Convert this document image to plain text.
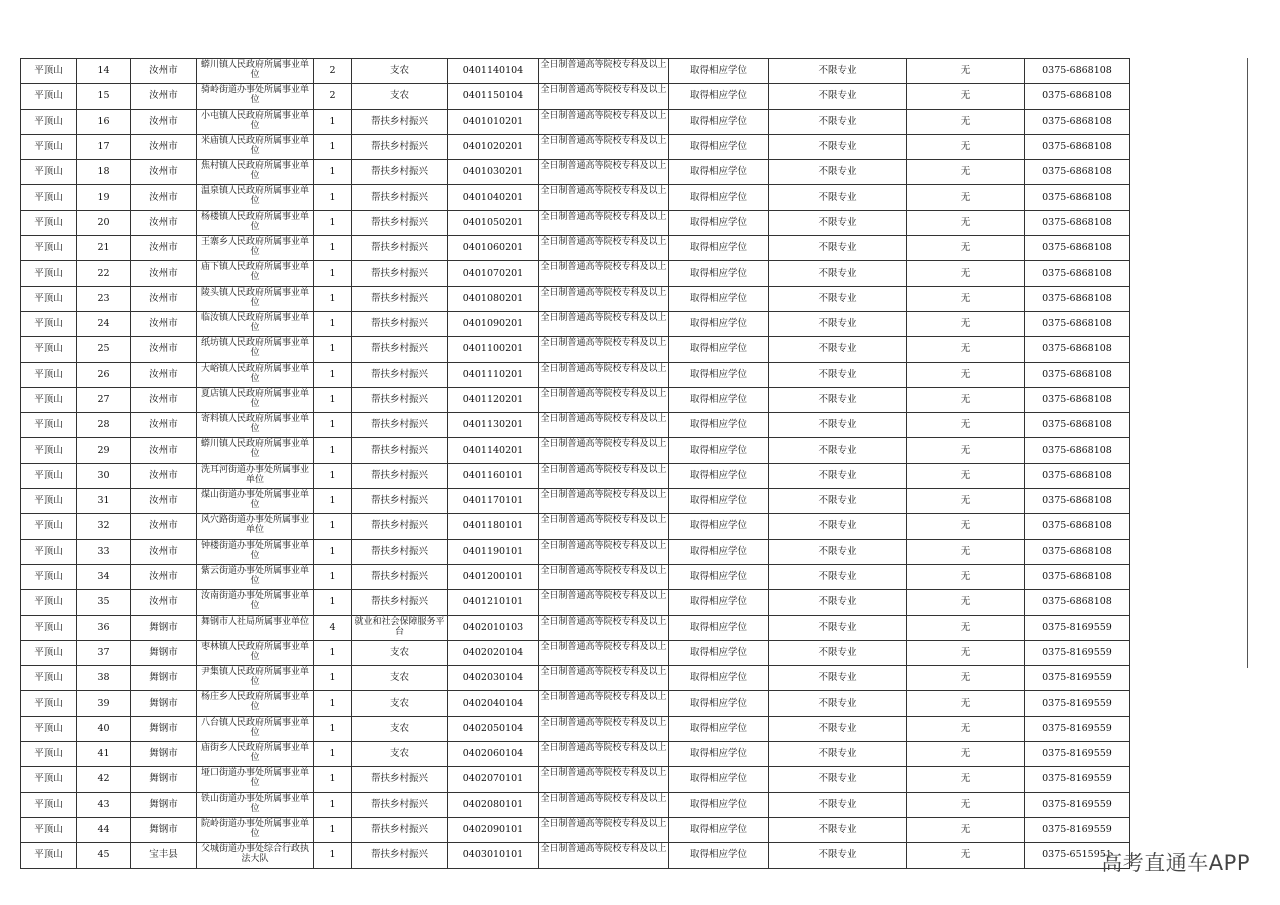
平顶山	14	汝州市	蟒川镇人民政府所属事业单位	2	支农	0401140104	全日制普通高等院校专科及以上	取得相应学位	不限专业	无	0375-6868108
平顶山	15	汝州市	骑岭街道办事处所属事业单位	2	支农	0401150104	全日制普通高等院校专科及以上	取得相应学位	不限专业	无	0375-6868108
平顶山	16	汝州市	小屯镇人民政府所属事业单位	1	帮扶乡村振兴	0401010201	全日制普通高等院校专科及以上	取得相应学位	不限专业	无	0375-6868108
平顶山	17	汝州市	米庙镇人民政府所属事业单位	1	帮扶乡村振兴	0401020201	全日制普通高等院校专科及以上	取得相应学位	不限专业	无	0375-6868108
平顶山	18	汝州市	焦村镇人民政府所属事业单位	1	帮扶乡村振兴	0401030201	全日制普通高等院校专科及以上	取得相应学位	不限专业	无	0375-6868108
平顶山	19	汝州市	温泉镇人民政府所属事业单位	1	帮扶乡村振兴	0401040201	全日制普通高等院校专科及以上	取得相应学位	不限专业	无	0375-6868108
平顶山	20	汝州市	杨楼镇人民政府所属事业单位	1	帮扶乡村振兴	0401050201	全日制普通高等院校专科及以上	取得相应学位	不限专业	无	0375-6868108
平顶山	21	汝州市	王寨乡人民政府所属事业单位	1	帮扶乡村振兴	0401060201	全日制普通高等院校专科及以上	取得相应学位	不限专业	无	0375-6868108
平顶山	22	汝州市	庙下镇人民政府所属事业单位	1	帮扶乡村振兴	0401070201	全日制普通高等院校专科及以上	取得相应学位	不限专业	无	0375-6868108
平顶山	23	汝州市	陵头镇人民政府所属事业单位	1	帮扶乡村振兴	0401080201	全日制普通高等院校专科及以上	取得相应学位	不限专业	无	0375-6868108
平顶山	24	汝州市	临汝镇人民政府所属事业单位	1	帮扶乡村振兴	0401090201	全日制普通高等院校专科及以上	取得相应学位	不限专业	无	0375-6868108
平顶山	25	汝州市	纸坊镇人民政府所属事业单位	1	帮扶乡村振兴	0401100201	全日制普通高等院校专科及以上	取得相应学位	不限专业	无	0375-6868108
平顶山	26	汝州市	大峪镇人民政府所属事业单位	1	帮扶乡村振兴	0401110201	全日制普通高等院校专科及以上	取得相应学位	不限专业	无	0375-6868108
平顶山	27	汝州市	夏店镇人民政府所属事业单位	1	帮扶乡村振兴	0401120201	全日制普通高等院校专科及以上	取得相应学位	不限专业	无	0375-6868108
平顶山	28	汝州市	寄料镇人民政府所属事业单位	1	帮扶乡村振兴	0401130201	全日制普通高等院校专科及以上	取得相应学位	不限专业	无	0375-6868108
平顶山	29	汝州市	蟒川镇人民政府所属事业单位	1	帮扶乡村振兴	0401140201	全日制普通高等院校专科及以上	取得相应学位	不限专业	无	0375-6868108
平顶山	30	汝州市	洗耳河街道办事处所属事业单位	1	帮扶乡村振兴	0401160101	全日制普通高等院校专科及以上	取得相应学位	不限专业	无	0375-6868108
平顶山	31	汝州市	煤山街道办事处所属事业单位	1	帮扶乡村振兴	0401170101	全日制普通高等院校专科及以上	取得相应学位	不限专业	无	0375-6868108
平顶山	32	汝州市	风穴路街道办事处所属事业单位	1	帮扶乡村振兴	0401180101	全日制普通高等院校专科及以上	取得相应学位	不限专业	无	0375-6868108
平顶山	33	汝州市	钟楼街道办事处所属事业单位	1	帮扶乡村振兴	0401190101	全日制普通高等院校专科及以上	取得相应学位	不限专业	无	0375-6868108
平顶山	34	汝州市	紫云街道办事处所属事业单位	1	帮扶乡村振兴	0401200101	全日制普通高等院校专科及以上	取得相应学位	不限专业	无	0375-6868108
平顶山	35	汝州市	汝南街道办事处所属事业单位	1	帮扶乡村振兴	0401210101	全日制普通高等院校专科及以上	取得相应学位	不限专业	无	0375-6868108
平顶山	36	舞钢市	舞钢市人社局所属事业单位	4	就业和社会保障服务平台	0402010103	全日制普通高等院校专科及以上	取得相应学位	不限专业	无	0375-8169559
平顶山	37	舞钢市	枣林镇人民政府所属事业单位	1	支农	0402020104	全日制普通高等院校专科及以上	取得相应学位	不限专业	无	0375-8169559
平顶山	38	舞钢市	尹集镇人民政府所属事业单位	1	支农	0402030104	全日制普通高等院校专科及以上	取得相应学位	不限专业	无	0375-8169559
平顶山	39	舞钢市	杨庄乡人民政府所属事业单位	1	支农	0402040104	全日制普通高等院校专科及以上	取得相应学位	不限专业	无	0375-8169559
平顶山	40	舞钢市	八台镇人民政府所属事业单位	1	支农	0402050104	全日制普通高等院校专科及以上	取得相应学位	不限专业	无	0375-8169559
平顶山	41	舞钢市	庙街乡人民政府所属事业单位	1	支农	0402060104	全日制普通高等院校专科及以上	取得相应学位	不限专业	无	0375-8169559
平顶山	42	舞钢市	垭口街道办事处所属事业单位	1	帮扶乡村振兴	0402070101	全日制普通高等院校专科及以上	取得相应学位	不限专业	无	0375-8169559
平顶山	43	舞钢市	铁山街道办事处所属事业单位	1	帮扶乡村振兴	0402080101	全日制普通高等院校专科及以上	取得相应学位	不限专业	无	0375-8169559
平顶山	44	舞钢市	院岭街道办事处所属事业单位	1	帮扶乡村振兴	0402090101	全日制普通高等院校专科及以上	取得相应学位	不限专业	无	0375-8169559
平顶山	45	宝丰县	父城街道办事处综合行政执法大队	1	帮扶乡村振兴	0403010101	全日制普通高等院校专科及以上	取得相应学位	不限专业	无	0375-6515951
高考直通车APP
